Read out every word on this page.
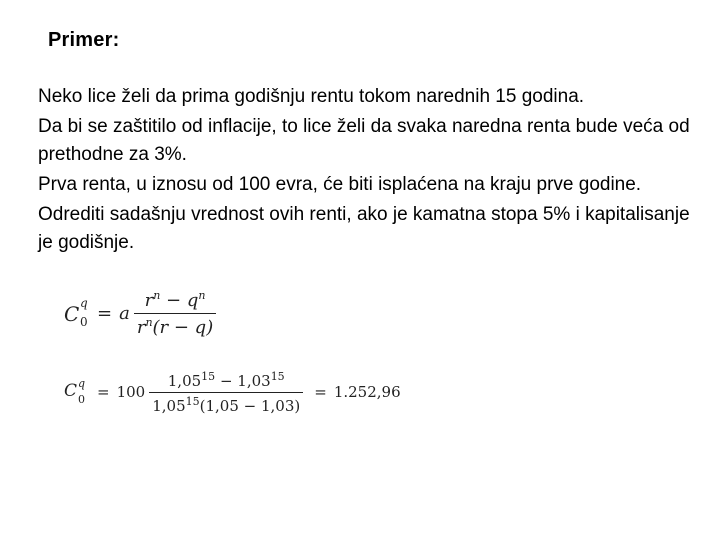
Primer:

Neko lice želi da prima godišnju rentu tokom narednih 15 godina.

Da bi se zaštitilo od inflacije, to lice želi da svaka naredna renta bude veća od prethodne za 3%.

Prva renta, u iznosu od 100 evra, će biti isplaćena na kraju prve godine.

Odrediti sadašnju vrednost ovih renti, ako je kamatna stopa 5% i kapitalisanje je godišnje.

C q
0 = a $\frac{r^n - q^n}{r^n(r - q)}$
C q
$0 = 100 \frac{1,05^{15} - 1,03^{15}}{1,05^{15}(1,05 - 1,03)} = 1.252,96$
